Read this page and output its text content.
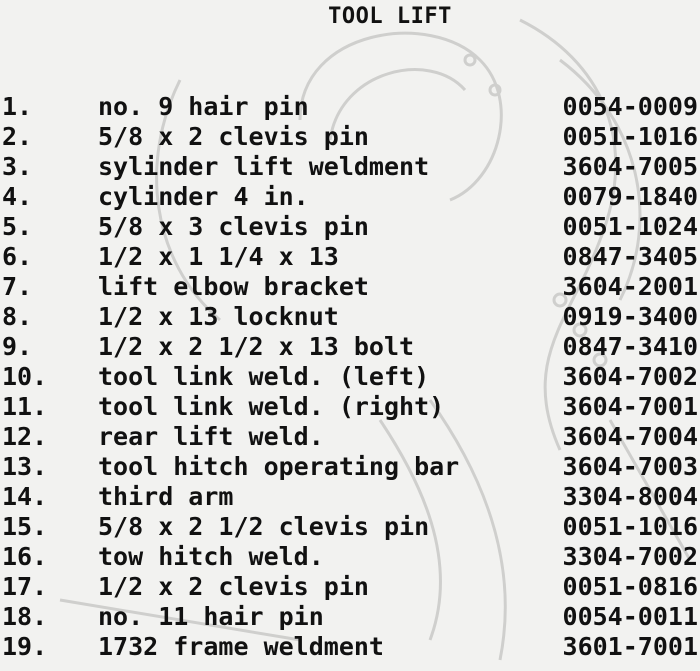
TOOL LIFT
1.	no. 9 hair pin	0054-0009
2.	5/8 x 2 clevis pin	0051-1016
3.	sylinder lift weldment	3604-7005
4.	cylinder 4 in.	0079-1840
5.	5/8 x 3 clevis pin	0051-1024
6.	1/2 x 1 1/4 x 13	0847-3405
7.	lift elbow bracket	3604-2001
8.	1/2 x 13 locknut	0919-3400
9.	1/2 x 2 1/2 x 13 bolt	0847-3410
10.	tool link weld. (left)	3604-7002
11.	tool link weld. (right)	3604-7001
12.	rear lift weld.	3604-7004
13.	tool hitch operating bar	3604-7003
14.	third arm	3304-8004
15.	5/8 x 2 1/2 clevis pin	0051-1016
16.	tow hitch weld.	3304-7002
17.	1/2 x 2 clevis pin	0051-0816
18.	no. 11 hair pin	0054-0011
19.	1732 frame weldment	3601-7001
